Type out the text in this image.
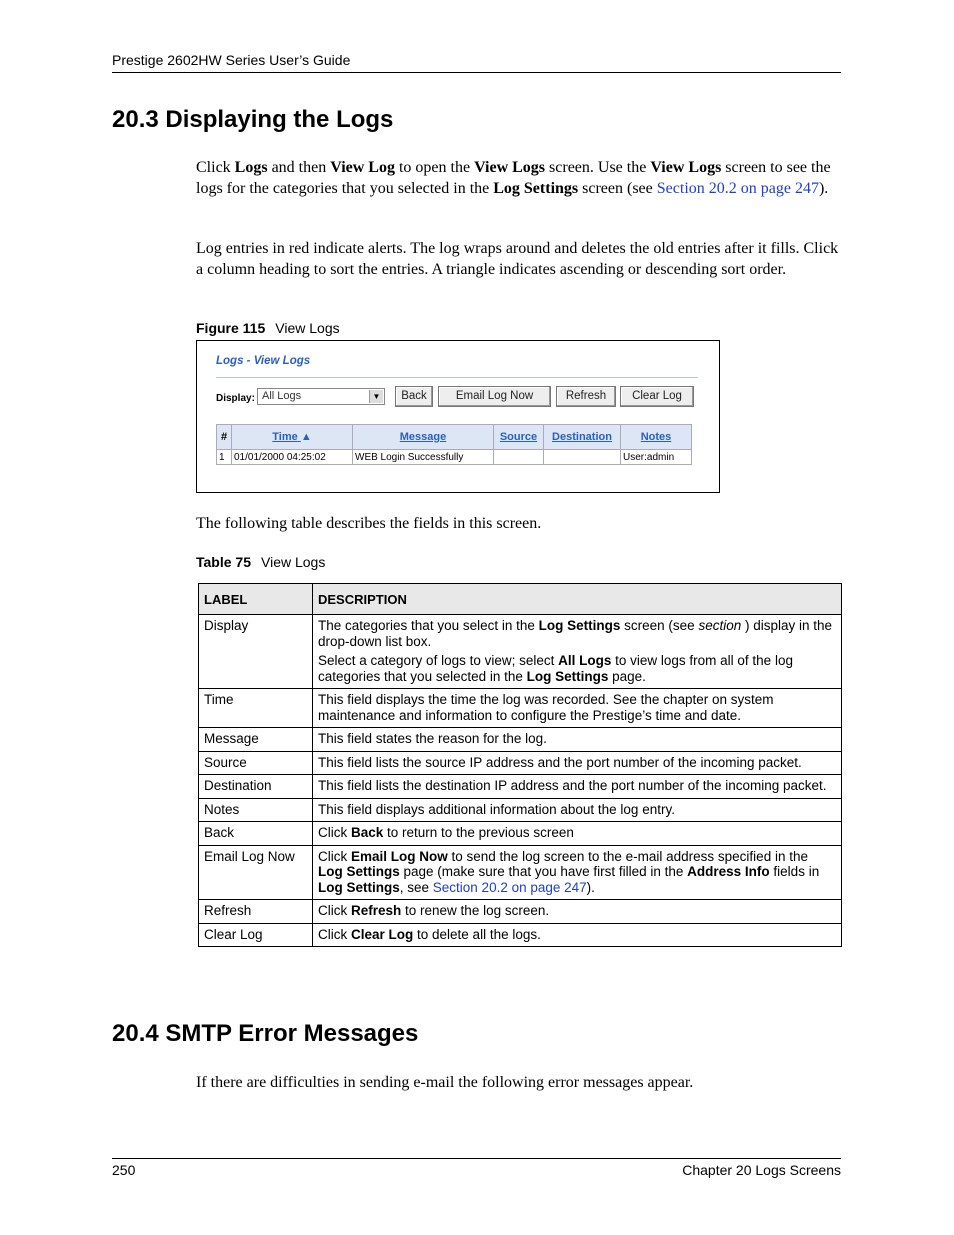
Prestige 2602HW Series User’s Guide
20.3 Displaying the Logs
Click Logs and then View Log to open the View Logs screen. Use the View Logs screen to see the logs for the categories that you selected in the Log Settings screen (see Section 20.2 on page 247).
Log entries in red indicate alerts. The log wraps around and deletes the old entries after it fills. Click a column heading to sort the entries. A triangle indicates ascending or descending sort order.
Figure 115 View Logs
Logs - View Logs
Display: All Logs	▼	Back	Email Log Now	Refresh	Clear Log
#	Time ▲	Message	Source	Destination	Notes
1	01/01/2000 04:25:02	WEB Login Successfully			User:admin
The following table describes the fields in this screen.
Table 75 View Logs
LABEL	DESCRIPTION
Display	The categories that you select in the Log Settings screen (see section ) display in the drop-down list box.

Select a category of logs to view; select All Logs to view logs from all of the log categories that you selected in the Log Settings page.

Time	This field displays the time the log was recorded. See the chapter on system maintenance and information to configure the Prestige’s time and date.
Message	This field states the reason for the log.
Source	This field lists the source IP address and the port number of the incoming packet.
Destination	This field lists the destination IP address and the port number of the incoming packet.
Notes	This field displays additional information about the log entry.
Back	Click Back to return to the previous screen
Email Log Now	Click Email Log Now to send the log screen to the e-mail address specified in the Log Settings page (make sure that you have first filled in the Address Info fields in Log Settings, see Section 20.2 on page 247).
Refresh	Click Refresh to renew the log screen.
Clear Log	Click Clear Log to delete all the logs.
20.4 SMTP Error Messages
If there are difficulties in sending e-mail the following error messages appear.
250	Chapter 20 Logs Screens
